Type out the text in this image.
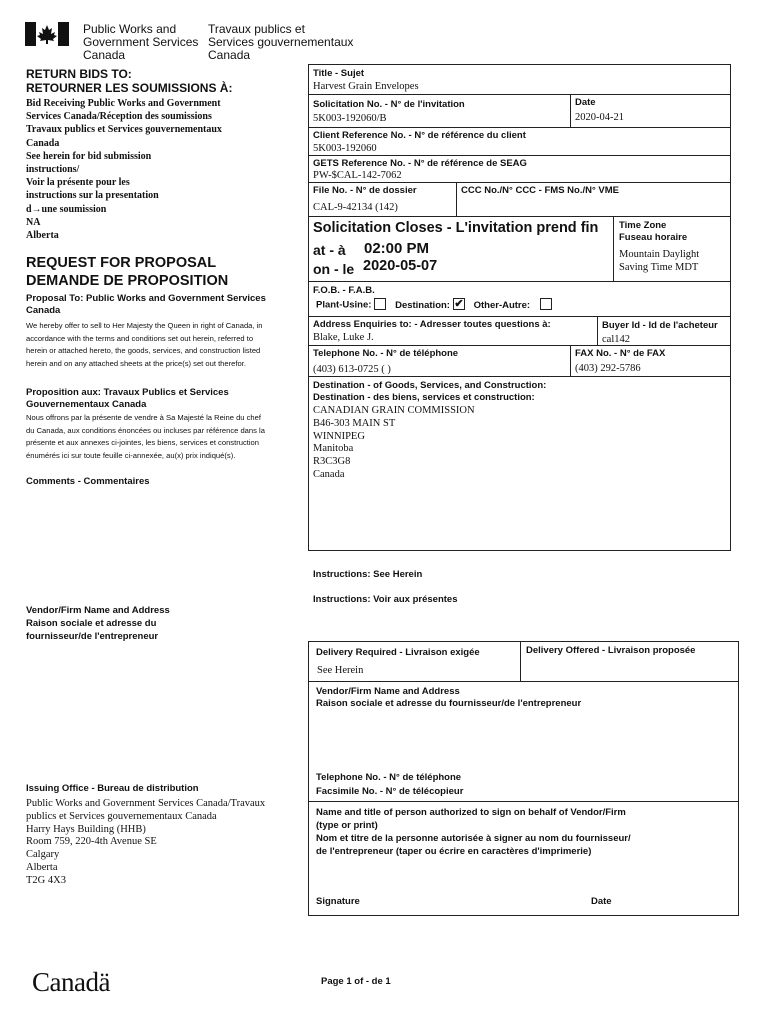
Public Works and
Government Services
Canada
Travaux publics et
Services gouvernementaux
Canada
RETURN BIDS TO:
RETOURNER LES SOUMISSIONS À:
Bid Receiving Public Works and Government
Services Canada/Réception des soumissions
Travaux publics et Services gouvernementaux
Canada
See herein for bid submission
instructions/
Voir la présente pour les
instructions sur la presentation
d→une soumission
NA
Alberta
REQUEST FOR PROPOSAL
DEMANDE DE PROPOSITION
Proposal To: Public Works and Government Services Canada
We hereby offer to sell to Her Majesty the Queen in right of Canada, in accordance with the terms and conditions set out herein, referred to herein or attached hereto, the goods, services, and construction listed herein and on any attached sheets at the price(s) set out therefor.
Proposition aux: Travaux Publics et Services Gouvernementaux Canada
Nous offrons par la présente de vendre à Sa Majesté la Reine du chef du Canada, aux conditions énoncées ou incluses par référence dans la présente et aux annexes ci-jointes, les biens, services et construction énumérés ici sur toute feuille ci-annexée, au(x) prix indiqué(s).
Comments - Commentaires
Vendor/Firm Name and Address
Raison sociale et adresse du
fournisseur/de l'entrepreneur
Issuing Office - Bureau de distribution
Public Works and Government Services Canada/Travaux
publics et Services gouvernementaux Canada
Harry Hays Building (HHB)
Room 759, 220-4th Avenue SE
Calgary
Alberta
T2G 4X3
Title - Sujet
Harvest Grain Envelopes
Solicitation No. - N° de l'invitation
5K003-192060/B
Date
2020-04-21
Client Reference No. - N° de référence du client
5K003-192060
GETS Reference No. - N° de référence de SEAG
PW-$CAL-142-7062
File No. - N° de dossier
CAL-9-42134 (142)
CCC No./N° CCC - FMS No./N° VME
Solicitation Closes - L'invitation prend fin
at - à 02:00 PM
on - le 2020-05-07
Time Zone
Fuseau horaire
Mountain Daylight
Saving Time MDT
F.O.B. - F.A.B.
Plant-Usine: Destination: ✔ Other-Autre:
Address Enquiries to: - Adresser toutes questions à:
Blake, Luke J.
Buyer Id - Id de l'acheteur
cal142
Telephone No. - N° de téléphone
(403) 613-0725 ( )
FAX No. - N° de FAX
(403) 292-5786
Destination - of Goods, Services, and Construction:
Destination - des biens, services et construction:
CANADIAN GRAIN COMMISSION
B46-303 MAIN ST
WINNIPEG
Manitoba
R3C3G8
Canada
Instructions: See Herein
Instructions: Voir aux présentes
Delivery Required - Livraison exigée
See Herein
Delivery Offered - Livraison proposée
Vendor/Firm Name and Address
Raison sociale et adresse du fournisseur/de l'entrepreneur
Telephone No. - N° de téléphone
Facsimile No. - N° de télécopieur
Name and title of person authorized to sign on behalf of Vendor/Firm
(type or print)
Nom et titre de la personne autorisée à signer au nom du fournisseur/
de l'entrepreneur (taper ou écrire en caractères d'imprimerie)
Signature	Date
Canadä	Page 1 of - de 1
